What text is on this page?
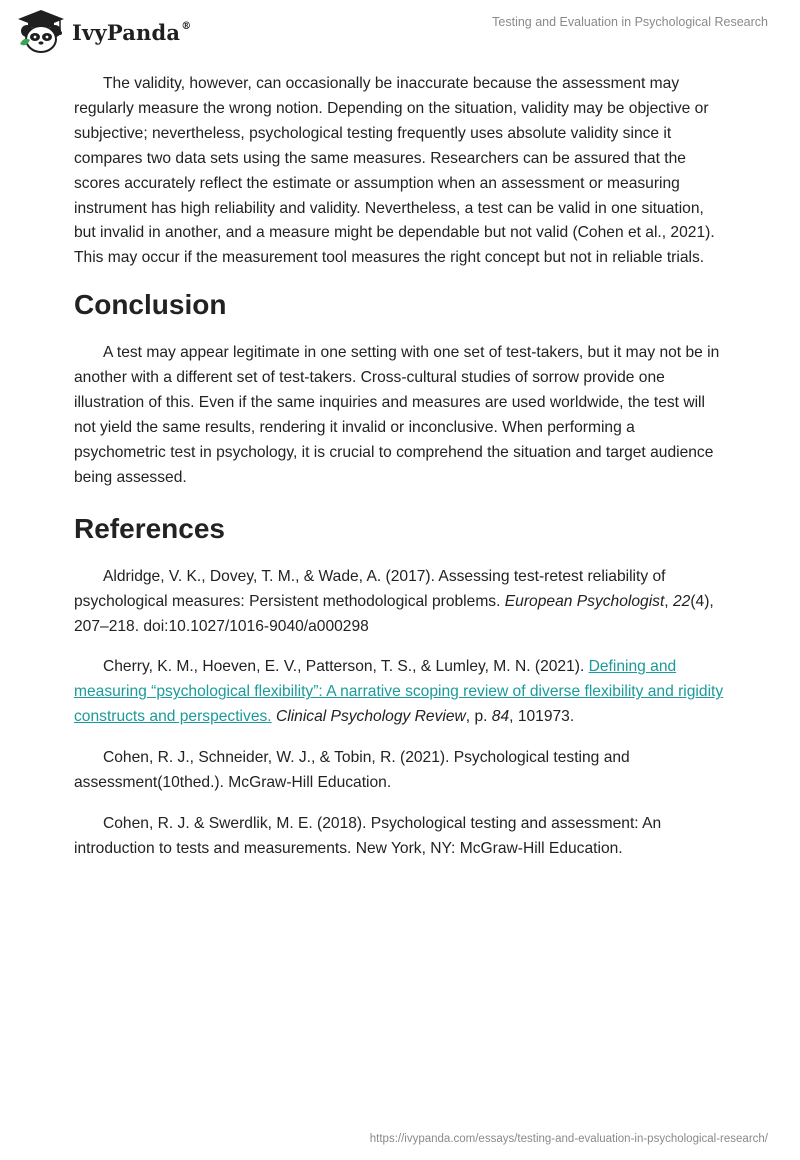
IvyPanda®	Testing and Evaluation in Psychological Research

The validity, however, can occasionally be inaccurate because the assessment may regularly measure the wrong notion. Depending on the situation, validity may be objective or subjective; nevertheless, psychological testing frequently uses absolute validity since it compares two data sets using the same measures. Researchers can be assured that the scores accurately reflect the estimate or assumption when an assessment or measuring instrument has high reliability and validity. Nevertheless, a test can be valid in one situation, but invalid in another, and a measure might be dependable but not valid (Cohen et al., 2021). This may occur if the measurement tool measures the right concept but not in reliable trials.

Conclusion

A test may appear legitimate in one setting with one set of test-takers, but it may not be in another with a different set of test-takers. Cross-cultural studies of sorrow provide one illustration of this. Even if the same inquiries and measures are used worldwide, the test will not yield the same results, rendering it invalid or inconclusive. When performing a psychometric test in psychology, it is crucial to comprehend the situation and target audience being assessed.

References

Aldridge, V. K., Dovey, T. M., & Wade, A. (2017). Assessing test-retest reliability of psychological measures: Persistent methodological problems. European Psychologist, 22(4), 207–218. doi:10.1027/1016-9040/a000298

Cherry, K. M., Hoeven, E. V., Patterson, T. S., & Lumley, M. N. (2021). Defining and measuring “psychological flexibility”: A narrative scoping review of diverse flexibility and rigidity constructs and perspectives. Clinical Psychology Review, p. 84, 101973.

Cohen, R. J., Schneider, W. J., & Tobin, R. (2021). Psychological testing and assessment(10thed.). McGraw-Hill Education.

Cohen, R. J. & Swerdlik, M. E. (2018). Psychological testing and assessment: An introduction to tests and measurements. New York, NY: McGraw-Hill Education.

https://ivypanda.com/essays/testing-and-evaluation-in-psychological-research/
